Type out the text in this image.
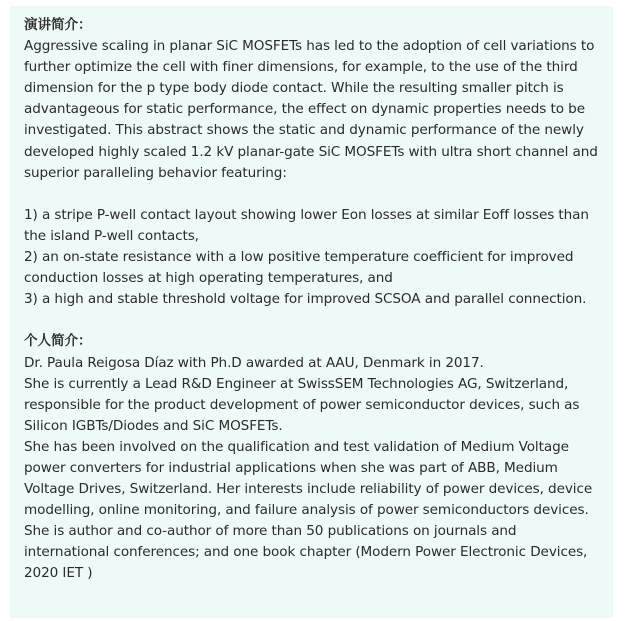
演讲简介：
Aggressive scaling in planar SiC MOSFETs has led to the adoption of cell variations to
further optimize the cell with finer dimensions, for example, to the use of the third
dimension for the p type body diode contact. While the resulting smaller pitch is
advantageous for static performance, the effect on dynamic properties needs to be
investigated. This abstract shows the static and dynamic performance of the newly
developed highly scaled 1.2 kV planar-gate SiC MOSFETs with ultra short channel and
superior paralleling behavior featuring:
1) a stripe P-well contact layout showing lower Eon losses at similar Eoff losses than
the island P-well contacts,
2) an on-state resistance with a low positive temperature coefficient for improved
conduction losses at high operating temperatures, and
3) a high and stable threshold voltage for improved SCSOA and parallel connection.
个人简介：
Dr. Paula Reigosa Díaz with Ph.D awarded at AAU, Denmark in 2017.
She is currently a Lead R&D Engineer at SwissSEM Technologies AG, Switzerland,
responsible for the product development of power semiconductor devices, such as
Silicon IGBTs/Diodes and SiC MOSFETs.
She has been involved on the qualification and test validation of Medium Voltage
power converters for industrial applications when she was part of ABB, Medium
Voltage Drives, Switzerland. Her interests include reliability of power devices, device
modelling, online monitoring, and failure analysis of power semiconductors devices.
She is author and co-author of more than 50 publications on journals and
international conferences; and one book chapter (Modern Power Electronic Devices,
2020 IET )
